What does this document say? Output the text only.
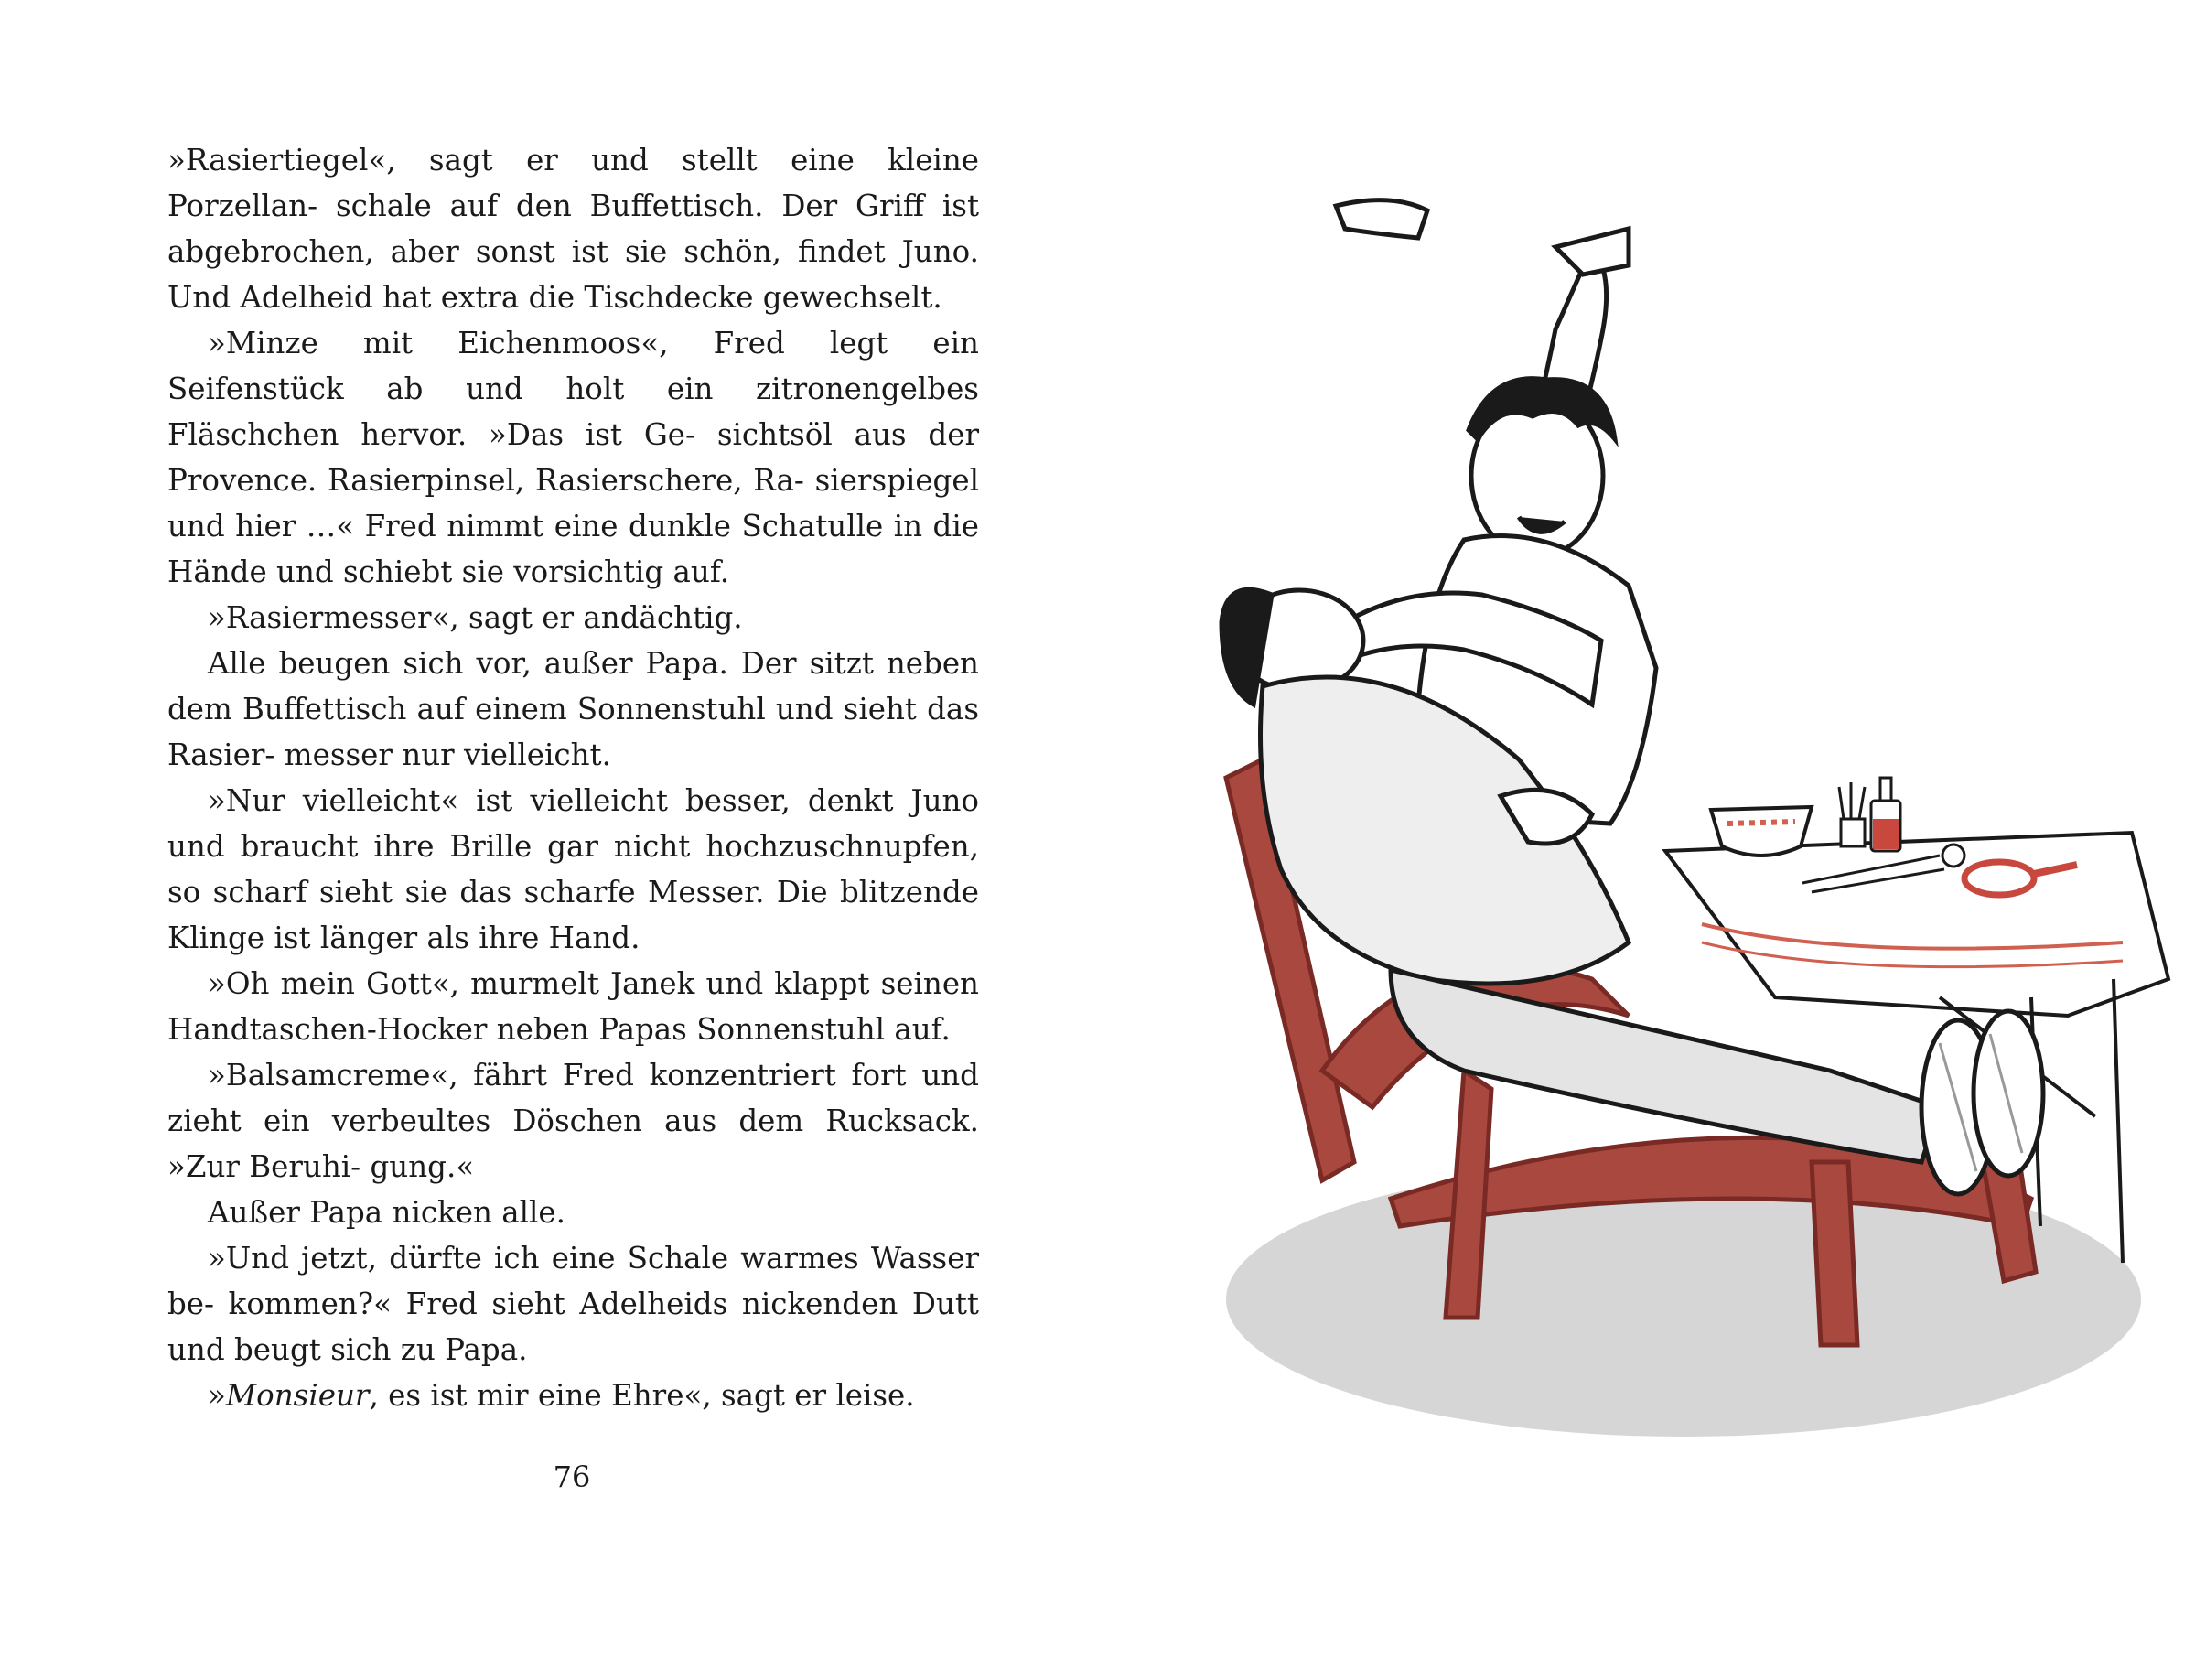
»Rasiertiegel«, sagt er und stellt eine kleine Porzellan- schale auf den Buffettisch. Der Griff ist abgebrochen, aber sonst ist sie schön, findet Juno. Und Adelheid hat extra die Tischdecke gewechselt.

»Minze mit Eichenmoos«, Fred legt ein Seifenstück ab und holt ein zitronengelbes Fläschchen hervor. »Das ist Ge- sichtsöl aus der Provence. Rasierpinsel, Rasierschere, Ra- sierspiegel und hier …« Fred nimmt eine dunkle Schatulle in die Hände und schiebt sie vorsichtig auf.

»Rasiermesser«, sagt er andächtig.

Alle beugen sich vor, außer Papa. Der sitzt neben dem Buffettisch auf einem Sonnenstuhl und sieht das Rasier- messer nur vielleicht.

»Nur vielleicht« ist vielleicht besser, denkt Juno und braucht ihre Brille gar nicht hochzuschnupfen, so scharf sieht sie das scharfe Messer. Die blitzende Klinge ist länger als ihre Hand.

»Oh mein Gott«, murmelt Janek und klappt seinen Handtaschen-Hocker neben Papas Sonnenstuhl auf.

»Balsamcreme«, fährt Fred konzentriert fort und zieht ein verbeultes Döschen aus dem Rucksack. »Zur Beruhi- gung.«

Außer Papa nicken alle.

»Und jetzt, dürfte ich eine Schale warmes Wasser be- kommen?« Fred sieht Adelheids nickenden Dutt und beugt sich zu Papa.

»Monsieur, es ist mir eine Ehre«, sagt er leise.

76
